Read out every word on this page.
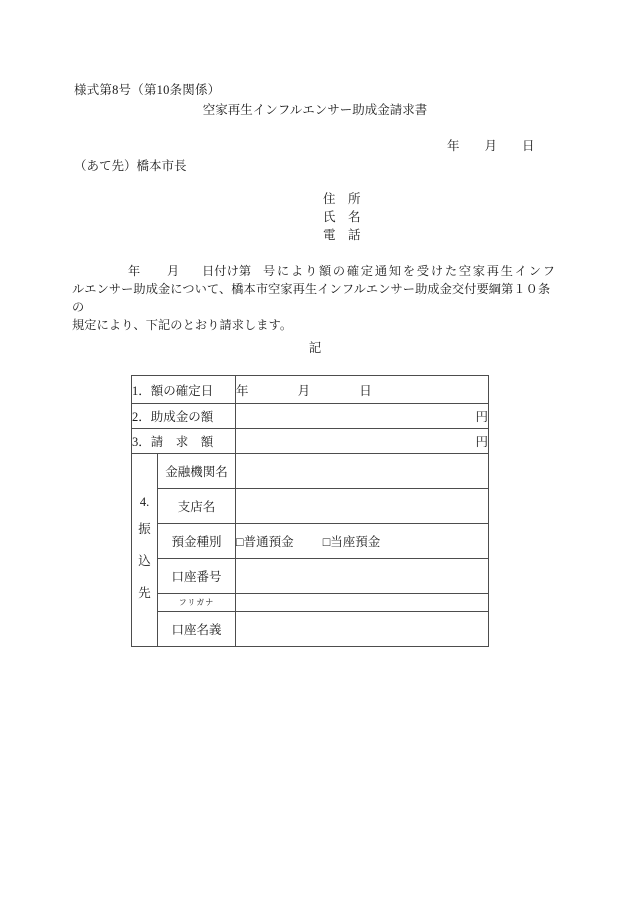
様式第8号（第10条関係）
空家再生インフルエンサー助成金請求書
年　　月　　日
（あて先）橋本市長
住　所
氏　名
電　話
年 月 日付け第 号により額の確定通知を受けた空家再生インフ
ルエンサー助成金について、橋本市空家再生インフルエンサー助成金交付要綱第１０条の
規定により、下記のとおり請求します。
記
1．額の確定日		年 月 日
2．助成金の額		円
3．請　求　額		円

4.
振
込
先	金融機関名	
	支店名	
	預金種別	□普通預金 □当座預金
	口座番号	
	フリガナ	
	口座名義	
